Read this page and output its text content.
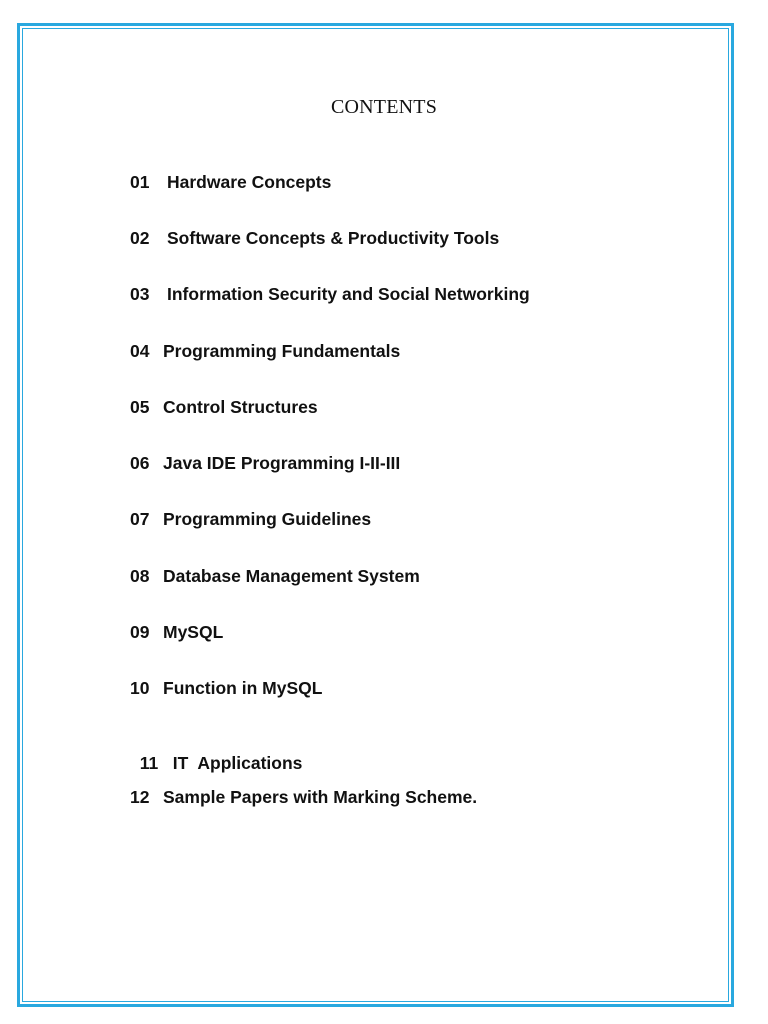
CONTENTS
01 Hardware Concepts
02 Software Concepts & Productivity Tools
03 Information Security and Social Networking
04 Programming Fundamentals
05 Control Structures
06 Java IDE Programming I-II-III
07 Programming Guidelines
08 Database Management System
09 MySQL
10 Function in MySQL

11 IT  Applications

12 Sample Papers with Marking Scheme.
